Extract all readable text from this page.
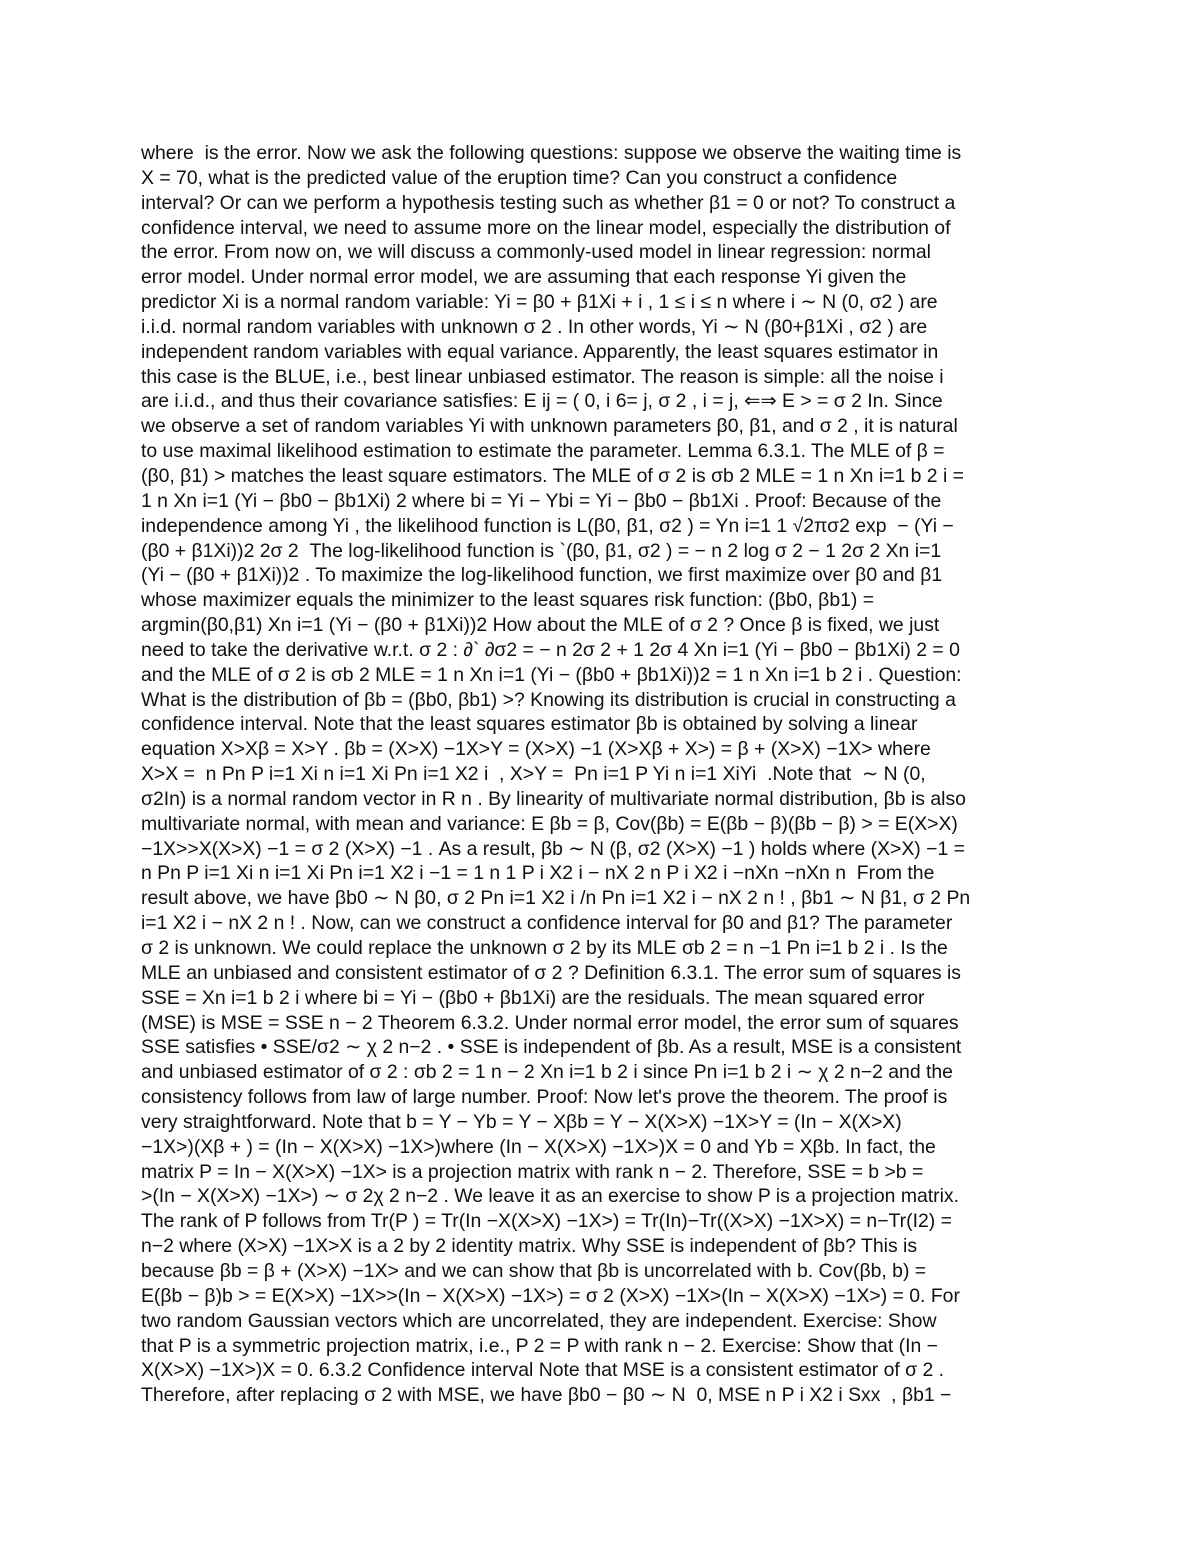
where  is the error. Now we ask the following questions: suppose we observe the waiting time is
X = 70, what is the predicted value of the eruption time? Can you construct a confidence
interval? Or can we perform a hypothesis testing such as whether β1 = 0 or not? To construct a
confidence interval, we need to assume more on the linear model, especially the distribution of
the error. From now on, we will discuss a commonly-used model in linear regression: normal
error model. Under normal error model, we are assuming that each response Yi given the
predictor Xi is a normal random variable: Yi = β0 + β1Xi + i , 1 ≤ i ≤ n where i ∼ N (0, σ2 ) are
i.i.d. normal random variables with unknown σ 2 . In other words, Yi ∼ N (β0+β1Xi , σ2 ) are
independent random variables with equal variance. Apparently, the least squares estimator in
this case is the BLUE, i.e., best linear unbiased estimator. The reason is simple: all the noise i
are i.i.d., and thus their covariance satisfies: E ij = ( 0, i 6= j, σ 2 , i = j, ⇐⇒ E > = σ 2 In. Since
we observe a set of random variables Yi with unknown parameters β0, β1, and σ 2 , it is natural
to use maximal likelihood estimation to estimate the parameter. Lemma 6.3.1. The MLE of β =
(β0, β1) > matches the least square estimators. The MLE of σ 2 is σb 2 MLE = 1 n Xn i=1 b 2 i =
1 n Xn i=1 (Yi − βb0 − βb1Xi) 2 where bi = Yi − Ybi = Yi − βb0 − βb1Xi . Proof: Because of the
independence among Yi , the likelihood function is L(β0, β1, σ2 ) = Yn i=1 1 √2πσ2 exp  − (Yi −
(β0 + β1Xi))2 2σ 2  The log-likelihood function is `(β0, β1, σ2 ) = − n 2 log σ 2 − 1 2σ 2 Xn i=1
(Yi − (β0 + β1Xi))2 . To maximize the log-likelihood function, we first maximize over β0 and β1
whose maximizer equals the minimizer to the least squares risk function: (βb0, βb1) =
argmin(β0,β1) Xn i=1 (Yi − (β0 + β1Xi))2 How about the MLE of σ 2 ? Once β is fixed, we just
need to take the derivative w.r.t. σ 2 : ∂` ∂σ2 = − n 2σ 2 + 1 2σ 4 Xn i=1 (Yi − βb0 − βb1Xi) 2 = 0
and the MLE of σ 2 is σb 2 MLE = 1 n Xn i=1 (Yi − (βb0 + βb1Xi))2 = 1 n Xn i=1 b 2 i . Question:
What is the distribution of βb = (βb0, βb1) >? Knowing its distribution is crucial in constructing a
confidence interval. Note that the least squares estimator βb is obtained by solving a linear
equation X>Xβ = X>Y . βb = (X>X) −1X>Y = (X>X) −1 (X>Xβ + X>) = β + (X>X) −1X> where
X>X =  n Pn P i=1 Xi n i=1 Xi Pn i=1 X2 i  , X>Y =  Pn i=1 P Yi n i=1 XiYi  .Note that  ∼ N (0,
σ2In) is a normal random vector in R n . By linearity of multivariate normal distribution, βb is also
multivariate normal, with mean and variance: E βb = β, Cov(βb) = E(βb − β)(βb − β) > = E(X>X)
−1X>>X(X>X) −1 = σ 2 (X>X) −1 . As a result, βb ∼ N (β, σ2 (X>X) −1 ) holds where (X>X) −1 =
n Pn P i=1 Xi n i=1 Xi Pn i=1 X2 i −1 = 1 n 1 P i X2 i − nX 2 n P i X2 i −nXn −nXn n  From the
result above, we have βb0 ∼ N β0, σ 2 Pn i=1 X2 i /n Pn i=1 X2 i − nX 2 n ! , βb1 ∼ N β1, σ 2 Pn
i=1 X2 i − nX 2 n ! . Now, can we construct a confidence interval for β0 and β1? The parameter
σ 2 is unknown. We could replace the unknown σ 2 by its MLE σb 2 = n −1 Pn i=1 b 2 i . Is the
MLE an unbiased and consistent estimator of σ 2 ? Definition 6.3.1. The error sum of squares is
SSE = Xn i=1 b 2 i where bi = Yi − (βb0 + βb1Xi) are the residuals. The mean squared error
(MSE) is MSE = SSE n − 2 Theorem 6.3.2. Under normal error model, the error sum of squares
SSE satisfies • SSE/σ2 ∼ χ 2 n−2 . • SSE is independent of βb. As a result, MSE is a consistent
and unbiased estimator of σ 2 : σb 2 = 1 n − 2 Xn i=1 b 2 i since Pn i=1 b 2 i ∼ χ 2 n−2 and the
consistency follows from law of large number. Proof: Now let's prove the theorem. The proof is
very straightforward. Note that b = Y − Yb = Y − Xβb = Y − X(X>X) −1X>Y = (In − X(X>X)
−1X>)(Xβ + ) = (In − X(X>X) −1X>)where (In − X(X>X) −1X>)X = 0 and Yb = Xβb. In fact, the
matrix P = In − X(X>X) −1X> is a projection matrix with rank n − 2. Therefore, SSE = b >b =
>(In − X(X>X) −1X>) ∼ σ 2χ 2 n−2 . We leave it as an exercise to show P is a projection matrix.
The rank of P follows from Tr(P ) = Tr(In −X(X>X) −1X>) = Tr(In)−Tr((X>X) −1X>X) = n−Tr(I2) =
n−2 where (X>X) −1X>X is a 2 by 2 identity matrix. Why SSE is independent of βb? This is
because βb = β + (X>X) −1X> and we can show that βb is uncorrelated with b. Cov(βb, b) =
E(βb − β)b > = E(X>X) −1X>>(In − X(X>X) −1X>) = σ 2 (X>X) −1X>(In − X(X>X) −1X>) = 0. For
two random Gaussian vectors which are uncorrelated, they are independent. Exercise: Show
that P is a symmetric projection matrix, i.e., P 2 = P with rank n − 2. Exercise: Show that (In −
X(X>X) −1X>)X = 0. 6.3.2 Confidence interval Note that MSE is a consistent estimator of σ 2 .
Therefore, after replacing σ 2 with MSE, we have βb0 − β0 ∼ N  0, MSE n P i X2 i Sxx  , βb1 −
